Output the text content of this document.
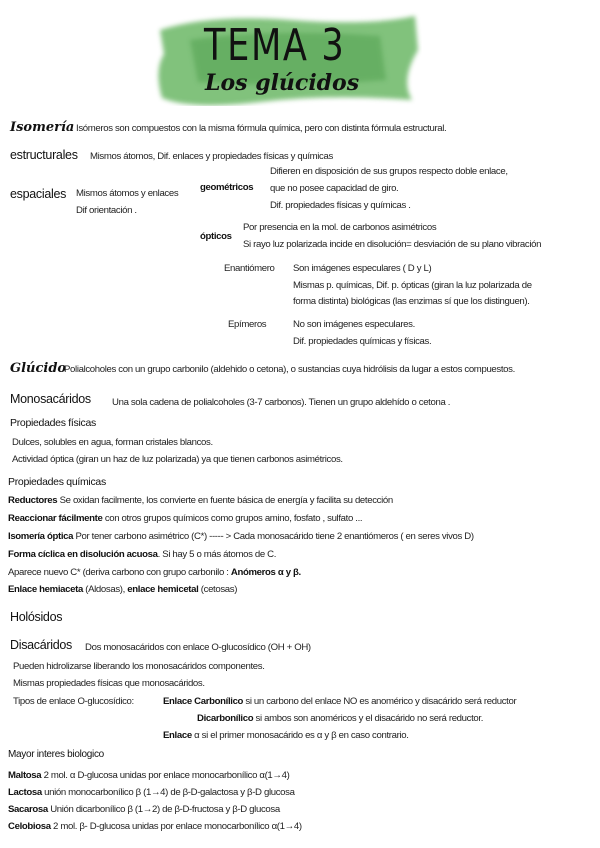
TEMA 3
Los glúcidos
Isomería Isómeros son compuestos con la misma fórmula química, pero con distinta fórmula estructural.
estructurales Mismos átomos, Dif. enlaces y propiedades físicas y químicas
Difieren en disposición de sus grupos respecto doble enlace,
geométricos que no posee capacidad de giro.
Dif. propiedades físicas y químicas .
espaciales Mismos átomos y enlaces
Dif orientación .
Por presencia en la mol. de carbonos asimétricos
ópticos
Si rayo luz polarizada incide en disolución= desviación de su plano vibración
Enantiómero Son imágenes especulares ( D y L)
Mismas p. químicas, Dif. p. ópticas (giran la luz polarizada de
forma distinta) biológicas (las enzimas sí que los distinguen).
Epímeros	No son imágenes especulares.
Dif. propiedades químicas y físicas.
Glúcido
Polialcoholes con un grupo carbonilo (aldehido o cetona), o sustancias cuya hidrólisis da lugar a estos compuestos.
Monosacáridos Una sola cadena de polialcoholes (3-7 carbonos). Tienen un grupo aldehído o cetona .
Propiedades físicas
Dulces, solubles en agua, forman cristales blancos.
Actividad óptica (giran un haz de luz polarizada) ya que tienen carbonos asimétricos.
Propiedades químicas
Reductores Se oxidan facilmente, los convierte en fuente básica de energía y facilita su detección
Reaccionar fácilmente con otros grupos químicos como grupos amino, fosfato , sulfato ...
Isomería óptica Por tener carbono asimétrico (C*) ----- > Cada monosacárido tiene 2 enantiómeros ( en seres vivos D)
Forma cíclica en disolución acuosa. Si hay 5 o más átomos de C.
Aparece nuevo C* (deriva carbono con grupo carbonilo : Anómeros α y β.
Enlace hemiaceta (Aldosas), enlace hemicetal (cetosas)
Holósidos
Disacáridos Dos monosacáridos con enlace O-glucosídico (OH + OH)
Pueden hidrolizarse liberando los monosacáridos componentes.
Mismas propiedades físicas que monosacáridos.
Tipos de enlace O-glucosídico:	Enlace Carbonílico si un carbono del enlace NO es anomérico y disacárido será reductor
Dicarbonílico si ambos son anoméricos y el disacárido no será reductor.
Enlace α si el primer monosacárido es α y β en caso contrario.
Mayor interes biologico
Maltosa 2 mol. α D-glucosa unidas por enlace monocarbonílico α(1→4)
Lactosa unión monocarbonílico β (1→4) de β-D-galactosa y β-D glucosa
Sacarosa Unión dicarbonílico β (1→2) de β-D-fructosa y β-D glucosa
Celobiosa 2 mol. β- D-glucosa unidas por enlace monocarbonílico α(1→4)
